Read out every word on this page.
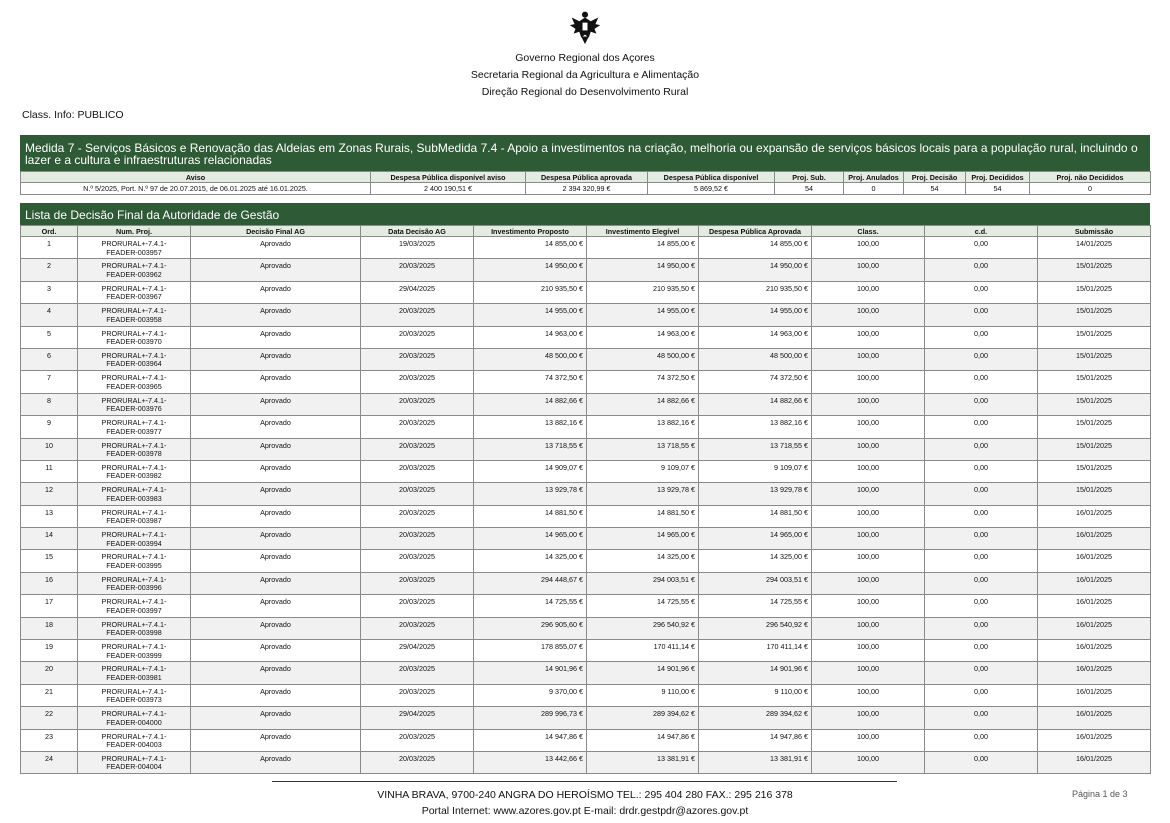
Governo Regional dos Açores
Secretaria Regional da Agricultura e Alimentação
Direção Regional do Desenvolvimento Rural
Class. Info: PUBLICO
Medida 7 - Serviços Básicos e Renovação das Aldeias em Zonas Rurais, SubMedida 7.4 - Apoio a investimentos na criação, melhoria ou expansão de serviços básicos locais para a população rural, incluindo o lazer e a cultura e infraestruturas relacionadas
Aviso	Despesa Pública disponível aviso	Despesa Pública aprovada	Despesa Pública disponível	Proj. Sub.	Proj. Anulados	Proj. Decisão	Proj. Decididos	Proj. não Decididos
N.º 5/2025, Port. N.º 97 de 20.07.2015, de 06.01.2025 até 16.01.2025.	2 400 190,51 €	2 394 320,99 €	5 869,52 €	54	0	54	54	0
Lista de Decisão Final da Autoridade de Gestão
Ord.	Num. Proj.	Decisão Final AG	Data Decisão AG	Investimento Proposto	Investimento Elegível	Despesa Pública Aprovada	Class.	c.d.	Submissão
1	PRORURAL+-7.4.1-
FEADER-003957	Aprovado	19/03/2025	14 855,00 €	14 855,00 €	14 855,00 €	100,00	0,00	14/01/2025
2	PRORURAL+-7.4.1-
FEADER-003962	Aprovado	20/03/2025	14 950,00 €	14 950,00 €	14 950,00 €	100,00	0,00	15/01/2025
3	PRORURAL+-7.4.1-
FEADER-003967	Aprovado	29/04/2025	210 935,50 €	210 935,50 €	210 935,50 €	100,00	0,00	15/01/2025
4	PRORURAL+-7.4.1-
FEADER-003958	Aprovado	20/03/2025	14 955,00 €	14 955,00 €	14 955,00 €	100,00	0,00	15/01/2025
5	PRORURAL+-7.4.1-
FEADER-003970	Aprovado	20/03/2025	14 963,00 €	14 963,00 €	14 963,00 €	100,00	0,00	15/01/2025
6	PRORURAL+-7.4.1-
FEADER-003964	Aprovado	20/03/2025	48 500,00 €	48 500,00 €	48 500,00 €	100,00	0,00	15/01/2025
7	PRORURAL+-7.4.1-
FEADER-003965	Aprovado	20/03/2025	74 372,50 €	74 372,50 €	74 372,50 €	100,00	0,00	15/01/2025
8	PRORURAL+-7.4.1-
FEADER-003976	Aprovado	20/03/2025	14 882,66 €	14 882,66 €	14 882,66 €	100,00	0,00	15/01/2025
9	PRORURAL+-7.4.1-
FEADER-003977	Aprovado	20/03/2025	13 882,16 €	13 882,16 €	13 882,16 €	100,00	0,00	15/01/2025
10	PRORURAL+-7.4.1-
FEADER-003978	Aprovado	20/03/2025	13 718,55 €	13 718,55 €	13 718,55 €	100,00	0,00	15/01/2025
11	PRORURAL+-7.4.1-
FEADER-003982	Aprovado	20/03/2025	14 909,07 €	9 109,07 €	9 109,07 €	100,00	0,00	15/01/2025
12	PRORURAL+-7.4.1-
FEADER-003983	Aprovado	20/03/2025	13 929,78 €	13 929,78 €	13 929,78 €	100,00	0,00	15/01/2025
13	PRORURAL+-7.4.1-
FEADER-003987	Aprovado	20/03/2025	14 881,50 €	14 881,50 €	14 881,50 €	100,00	0,00	16/01/2025
14	PRORURAL+-7.4.1-
FEADER-003994	Aprovado	20/03/2025	14 965,00 €	14 965,00 €	14 965,00 €	100,00	0,00	16/01/2025
15	PRORURAL+-7.4.1-
FEADER-003995	Aprovado	20/03/2025	14 325,00 €	14 325,00 €	14 325,00 €	100,00	0,00	16/01/2025
16	PRORURAL+-7.4.1-
FEADER-003996	Aprovado	20/03/2025	294 448,67 €	294 003,51 €	294 003,51 €	100,00	0,00	16/01/2025
17	PRORURAL+-7.4.1-
FEADER-003997	Aprovado	20/03/2025	14 725,55 €	14 725,55 €	14 725,55 €	100,00	0,00	16/01/2025
18	PRORURAL+-7.4.1-
FEADER-003998	Aprovado	20/03/2025	296 905,60 €	296 540,92 €	296 540,92 €	100,00	0,00	16/01/2025
19	PRORURAL+-7.4.1-
FEADER-003999	Aprovado	29/04/2025	178 855,07 €	170 411,14 €	170 411,14 €	100,00	0,00	16/01/2025
20	PRORURAL+-7.4.1-
FEADER-003981	Aprovado	20/03/2025	14 901,96 €	14 901,96 €	14 901,96 €	100,00	0,00	16/01/2025
21	PRORURAL+-7.4.1-
FEADER-003973	Aprovado	20/03/2025	9 370,00 €	9 110,00 €	9 110,00 €	100,00	0,00	16/01/2025
22	PRORURAL+-7.4.1-
FEADER-004000	Aprovado	29/04/2025	289 996,73 €	289 394,62 €	289 394,62 €	100,00	0,00	16/01/2025
23	PRORURAL+-7.4.1-
FEADER-004003	Aprovado	20/03/2025	14 947,86 €	14 947,86 €	14 947,86 €	100,00	0,00	16/01/2025
24	PRORURAL+-7.4.1-
FEADER-004004	Aprovado	20/03/2025	13 442,66 €	13 381,91 €	13 381,91 €	100,00	0,00	16/01/2025
VINHA BRAVA, 9700-240 ANGRA DO HEROÍSMO TEL.: 295 404 280 FAX.: 295 216 378
Portal Internet: www.azores.gov.pt E-mail: drdr.gestpdr@azores.gov.pt
Página 1 de 3
